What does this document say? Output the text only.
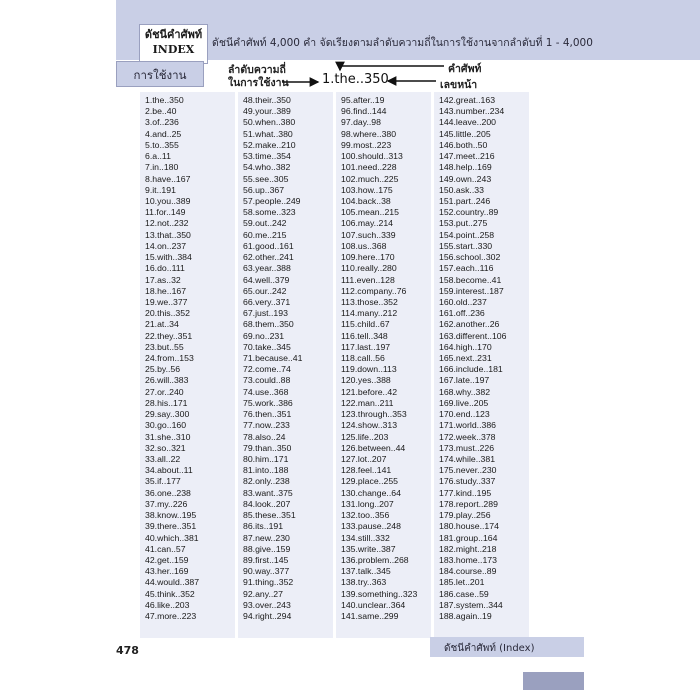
ดัชนีคำศัพท์
INDEX	ดัชนีคำศัพท์ 4,000 คำ จัดเรียงตามลำดับความถี่ในการใช้งานจากลำดับที่ 1 - 4,000
การใช้งาน	ลำดับความถี่
ในการใช้งาน	1.the..350
คำศัพท์
เลขหน้า
1.the..350
2.be..40
3.of..236
4.and..25
5.to..355
6.a..11
7.in..180
8.have..167
9.it..191
10.you..389
11.for..149
12.not..232
13.that..350
14.on..237
15.with..384
16.do..111
17.as..32
18.he..167
19.we..377
20.this..352
21.at..34
22.they..351
23.but..55
24.from..153
25.by..56
26.will..383
27.or..240
28.his..171
29.say..300
30.go..160
31.she..310
32.so..321
33.all..22
34.about..11
35.if..177
36.one..238
37.my..226
38.know..195
39.there..351
40.which..381
41.can..57
42.get..159
43.her..169
44.would..387
45.think..352
46.like..203
47.more..223
48.their..350
49.your..389
50.when..380
51.what..380
52.make..210
53.time..354
54.who..382
55.see..305
56.up..367
57.people..249
58.some..323
59.out..242
60.me..215
61.good..161
62.other..241
63.year..388
64.well..379
65.our..242
66.very..371
67.just..193
68.them..350
69.no..231
70.take..345
71.because..41
72.come..74
73.could..88
74.use..368
75.work..386
76.then..351
77.now..233
78.also..24
79.than..350
80.him..171
81.into..188
82.only..238
83.want..375
84.look..207
85.these..351
86.its..191
87.new..230
88.give..159
89.first..145
90.way..377
91.thing..352
92.any..27
93.over..243
94.right..294
95.after..19
96.find..144
97.day..98
98.where..380
99.most..223
100.should..313
101.need..228
102.much..225
103.how..175
104.back..38
105.mean..215
106.may..214
107.such..339
108.us..368
109.here..170
110.really..280
111.even..128
112.company..76
113.those..352
114.many..212
115.child..67
116.tell..348
117.last..197
118.call..56
119.down..113
120.yes..388
121.before..42
122.man..211
123.through..353
124.show..313
125.life..203
126.between..44
127.lot..207
128.feel..141
129.place..255
130.change..64
131.long..207
132.too..356
133.pause..248
134.still..332
135.write..387
136.problem..268
137.talk..345
138.try..363
139.something..323
140.unclear..364
141.same..299
142.great..163
143.number..234
144.leave..200
145.little..205
146.both..50
147.meet..216
148.help..169
149.own..243
150.ask..33
151.part..246
152.country..89
153.put..275
154.point..258
155.start..330
156.school..302
157.each..116
158.become..41
159.interest..187
160.old..237
161.off..236
162.another..26
163.different..106
164.high..170
165.next..231
166.include..181
167.late..197
168.why..382
169.live..205
170.end..123
171.world..386
172.week..378
173.must..226
174.while..381
175.never..230
176.study..337
177.kind..195
178.report..289
179.play..256
180.house..174
181.group..164
182.might..218
183.home..173
184.course..89
185.let..201
186.case..59
187.system..344
188.again..19
478	ดัชนีคำศัพท์ (Index)
